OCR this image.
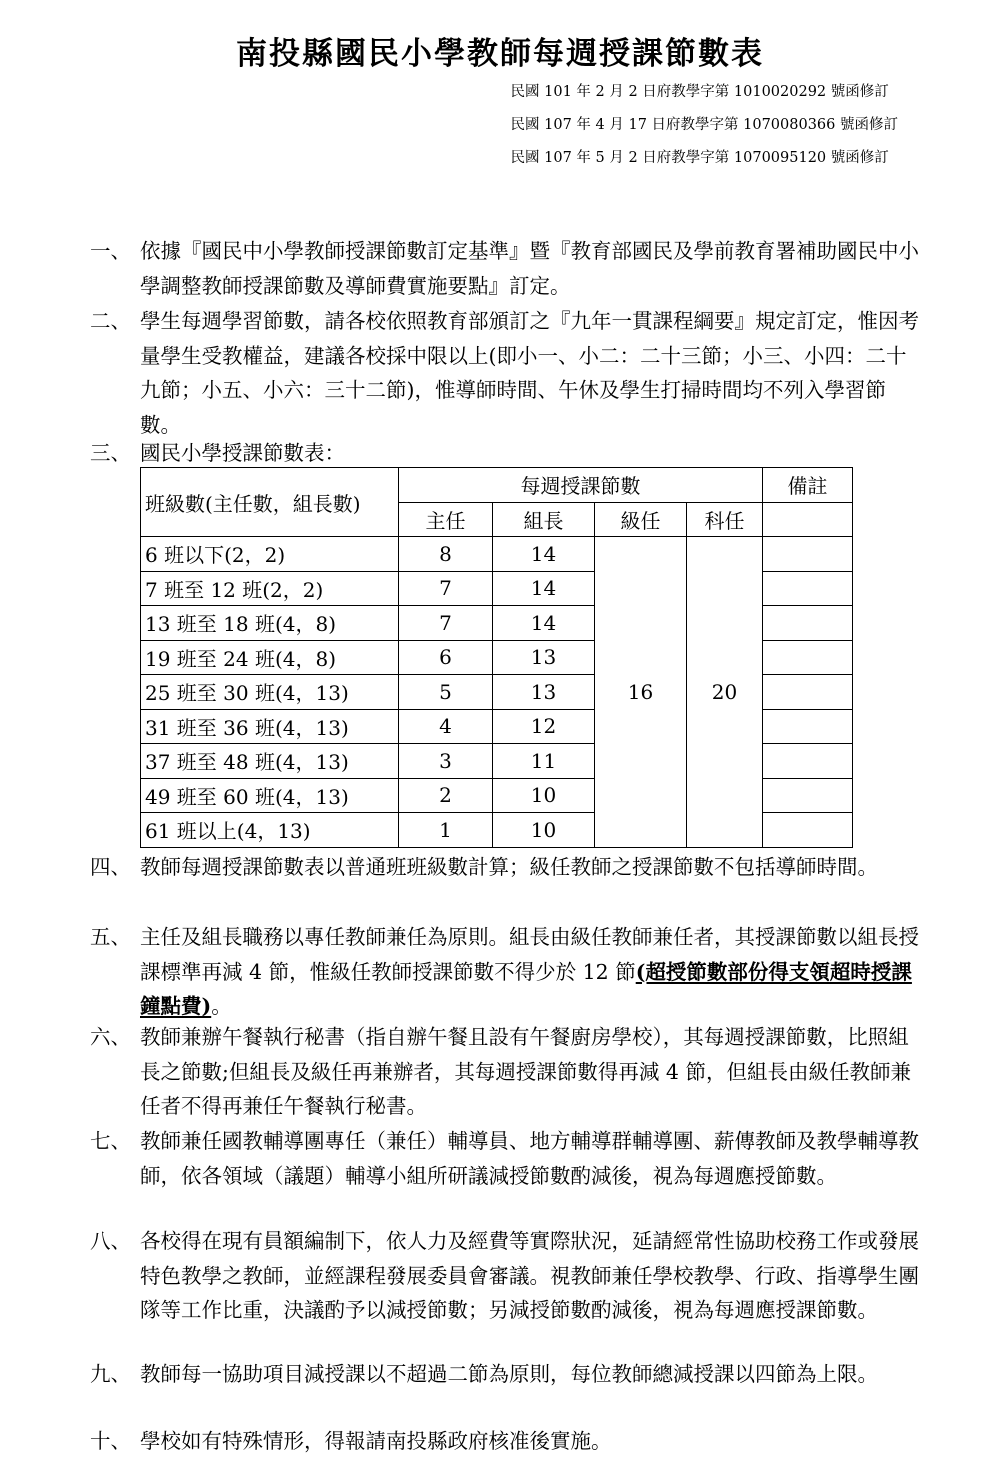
南投縣國民小學教師每週授課節數表
民國 101 年 2 月 2 日府教學字第 1010020292 號函修訂
民國 107 年 4 月 17 日府教學字第 1070080366 號函修訂
民國 107 年 5 月 2 日府教學字第 1070095120 號函修訂
一、 依據『國民中小學教師授課節數訂定基準』暨『教育部國民及學前教育署補助國民中小學調整教師授課節數及導師費實施要點』訂定。
二、 學生每週學習節數，請各校依照教育部頒訂之『九年一貫課程綱要』規定訂定，惟因考量學生受教權益，建議各校採中限以上(即小一、小二：二十三節；小三、小四：二十九節；小五、小六：三十二節)，惟導師時間、午休及學生打掃時間均不列入學習節數。
三、 國民小學授課節數表：
班級數(主任數，組長數)	每週授課節數				備註
	主任	組長	級任	科任	
6 班以下(2，2)	8	14	16	20	
7 班至 12 班(2，2)	7	14			
13 班至 18 班(4，8)	7	14			
19 班至 24 班(4，8)	6	13			
25 班至 30 班(4，13)	5	13			
31 班至 36 班(4，13)	4	12			
37 班至 48 班(4，13)	3	11			
49 班至 60 班(4，13)	2	10			
61 班以上(4，13)	1	10			
四、 教師每週授課節數表以普通班班級數計算；級任教師之授課節數不包括導師時間。
五、 主任及組長職務以專任教師兼任為原則。組長由級任教師兼任者，其授課節數以組長授課標準再減 4 節，惟級任教師授課節數不得少於 12 節(超授節數部份得支領超時授課鐘點費)。
六、 教師兼辦午餐執行秘書（指自辦午餐且設有午餐廚房學校），其每週授課節數，比照組長之節數;但組長及級任再兼辦者，其每週授課節數得再減 4 節，但組長由級任教師兼任者不得再兼任午餐執行秘書。
七、 教師兼任國教輔導團專任（兼任）輔導員、地方輔導群輔導團、薪傳教師及教學輔導教師，依各領域（議題）輔導小組所研議減授節數酌減後，視為每週應授節數。
八、 各校得在現有員額編制下，依人力及經費等實際狀況，延請經常性協助校務工作或發展特色教學之教師，並經課程發展委員會審議。視教師兼任學校教學、行政、指導學生團隊等工作比重，決議酌予以減授節數；另減授節數酌減後，視為每週應授課節數。
九、 教師每一協助項目減授課以不超過二節為原則，每位教師總減授課以四節為上限。
十、 學校如有特殊情形，得報請南投縣政府核准後實施。
